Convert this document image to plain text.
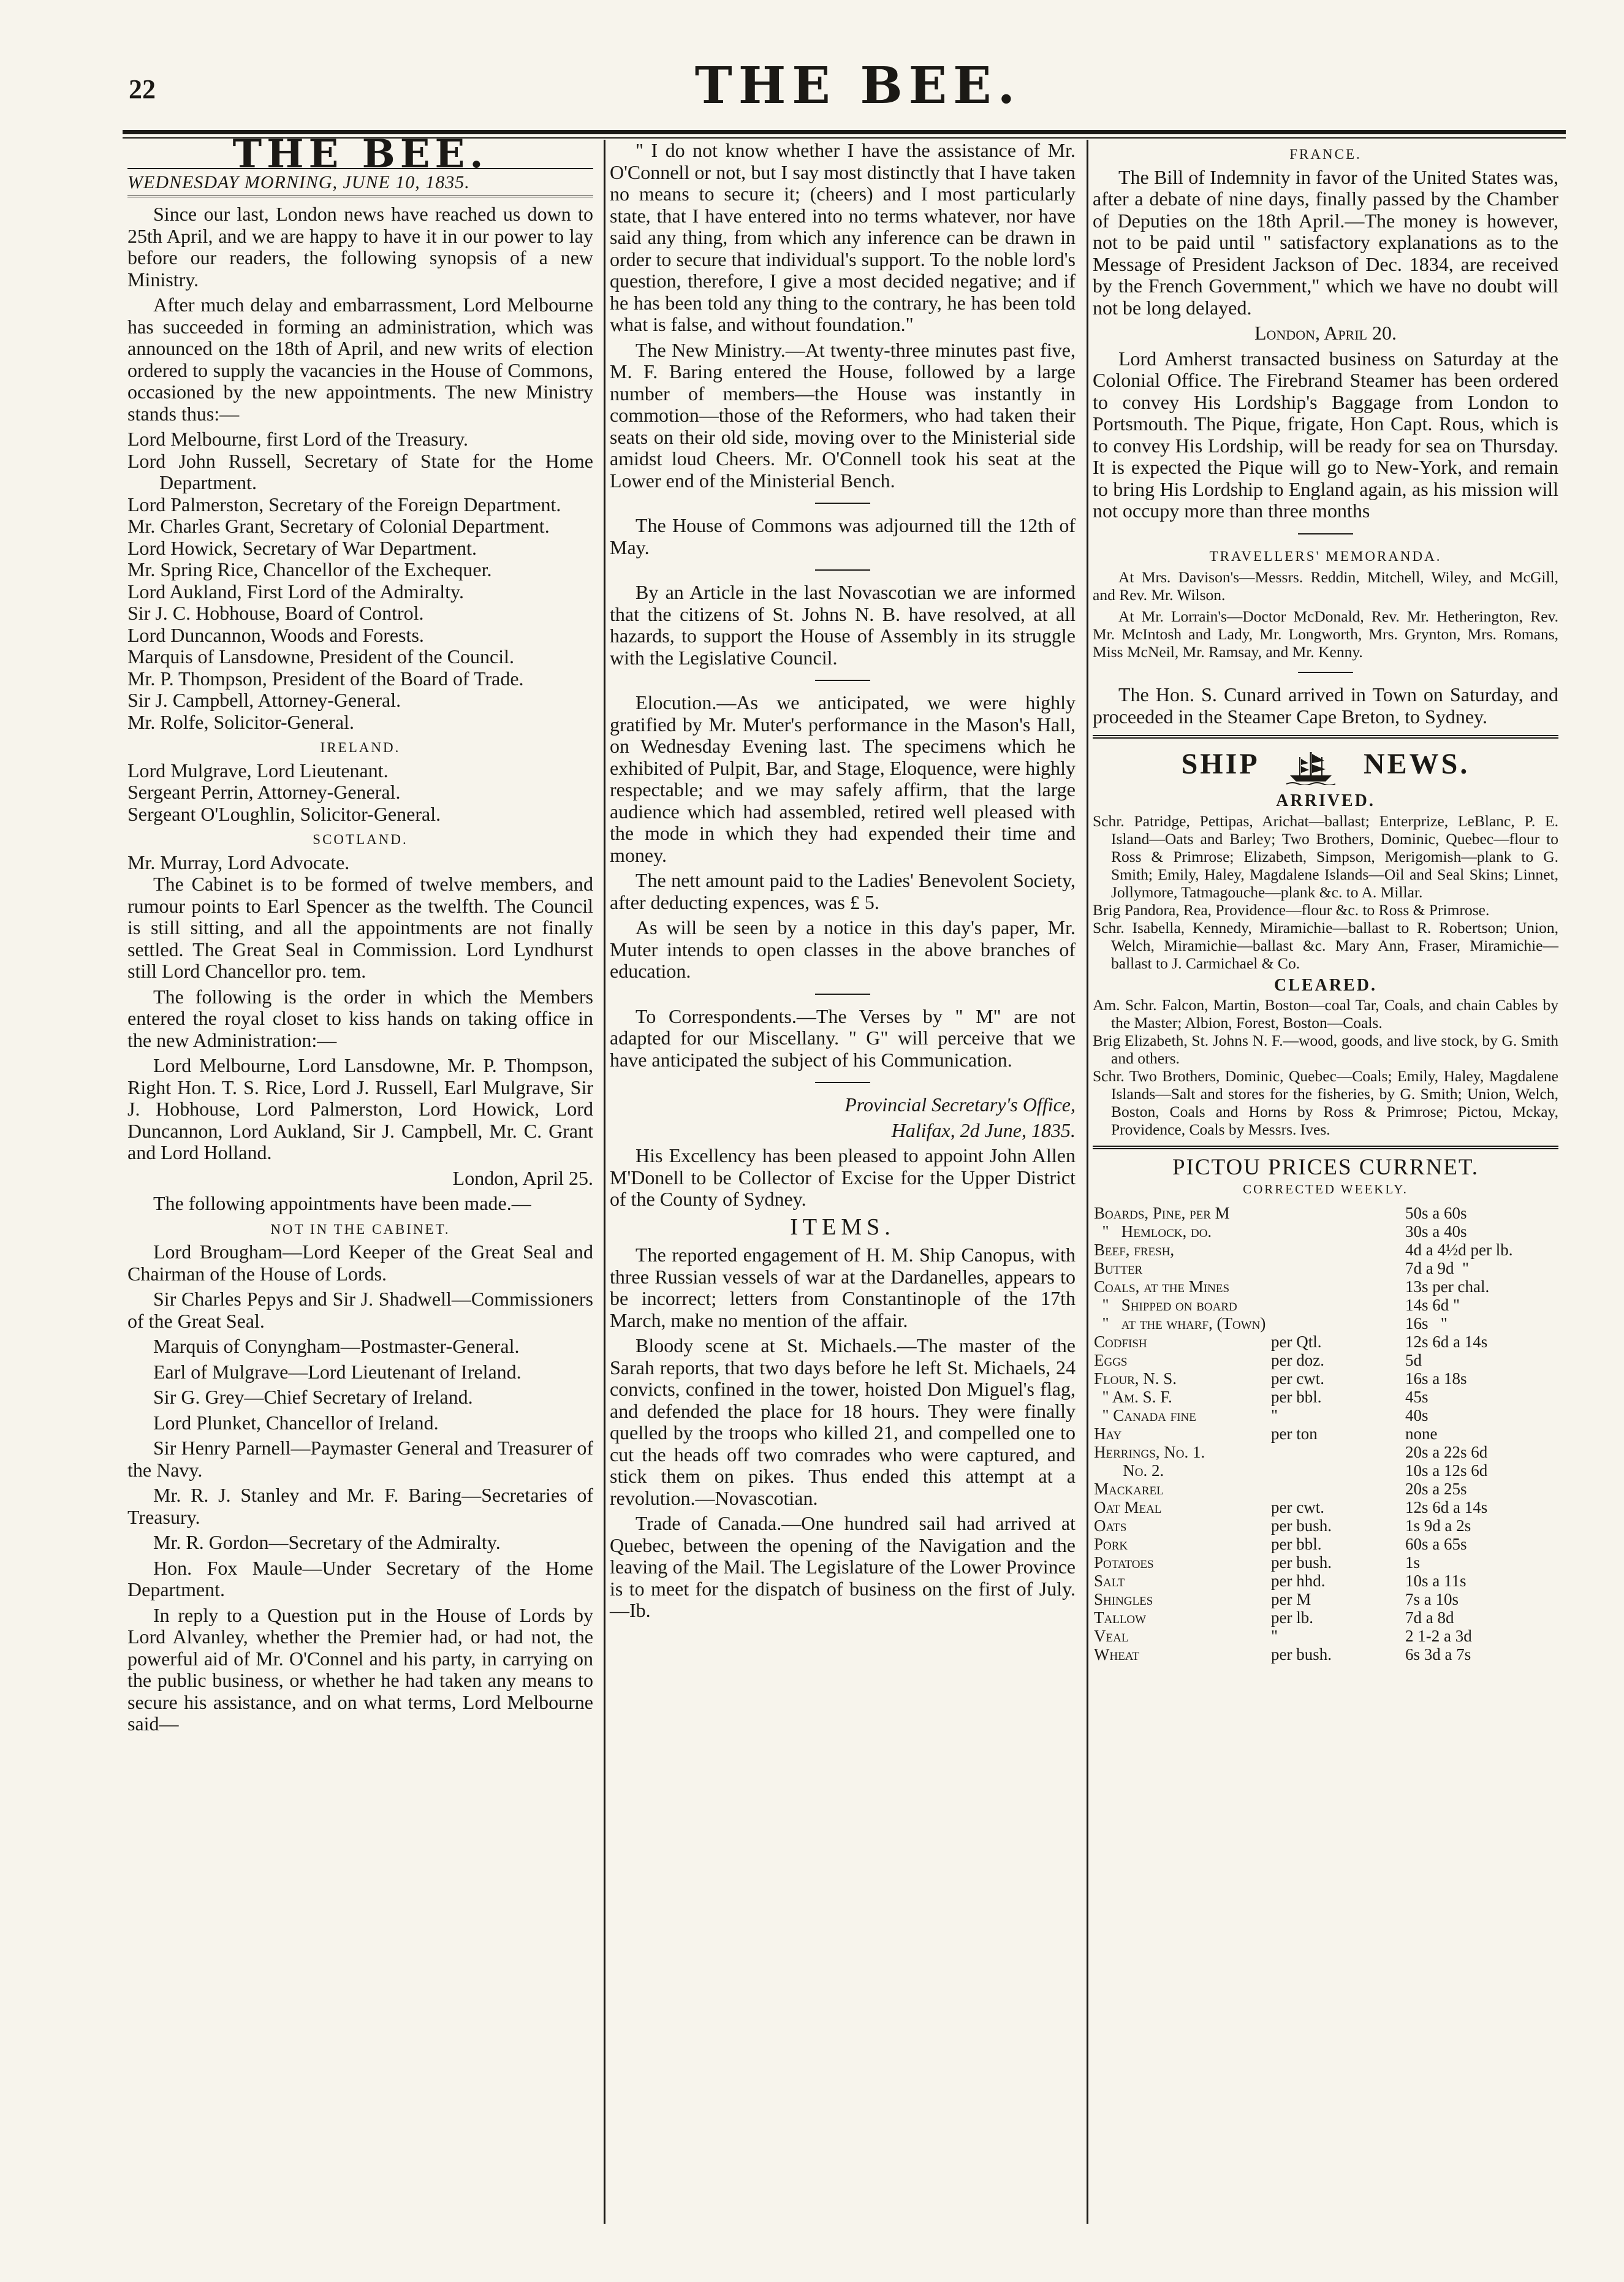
22	THE BEE.
THE BEE.
WEDNESDAY MORNING, JUNE 10, 1835.

Since our last, London news have reached us down to 25th April, and we are happy to have it in our power to lay before our readers, the following synopsis of a new Ministry.

After much delay and embarrassment, Lord Melbourne has succeeded in forming an administration, which was announced on the 18th of April, and new writs of election ordered to supply the vacancies in the House of Commons, occasioned by the new appointments. The new Ministry stands thus:—

Lord Melbourne, first Lord of the Treasury.

Lord John Russell, Secretary of State for the Home Department.

Lord Palmerston, Secretary of the Foreign Department.

Mr. Charles Grant, Secretary of Colonial Department.

Lord Howick, Secretary of War Department.

Mr. Spring Rice, Chancellor of the Exchequer.

Lord Aukland, First Lord of the Admiralty.

Sir J. C. Hobhouse, Board of Control.

Lord Duncannon, Woods and Forests.

Marquis of Lansdowne, President of the Council.

Mr. P. Thompson, President of the Board of Trade.

Sir J. Campbell, Attorney-General.

Mr. Rolfe, Solicitor-General.

IRELAND.

Lord Mulgrave, Lord Lieutenant.

Sergeant Perrin, Attorney-General.

Sergeant O'Loughlin, Solicitor-General.

SCOTLAND.

Mr. Murray, Lord Advocate.

The Cabinet is to be formed of twelve members, and rumour points to Earl Spencer as the twelfth. The Council is still sitting, and all the appointments are not finally settled. The Great Seal in Commission. Lord Lyndhurst still Lord Chancellor pro. tem.

The following is the order in which the Members entered the royal closet to kiss hands on taking office in the new Administration:—

Lord Melbourne, Lord Lansdowne, Mr. P. Thompson, Right Hon. T. S. Rice, Lord J. Russell, Earl Mulgrave, Sir J. Hobhouse, Lord Palmerston, Lord Howick, Lord Duncannon, Lord Aukland, Sir J. Campbell, Mr. C. Grant and Lord Holland.

London, April 25.

The following appointments have been made.—

NOT IN THE CABINET.

Lord Brougham—Lord Keeper of the Great Seal and Chairman of the House of Lords.

Sir Charles Pepys and Sir J. Shadwell—Commissioners of the Great Seal.

Marquis of Conyngham—Postmaster-General.

Earl of Mulgrave—Lord Lieutenant of Ireland.

Sir G. Grey—Chief Secretary of Ireland.

Lord Plunket, Chancellor of Ireland.

Sir Henry Parnell—Paymaster General and Treasurer of the Navy.

Mr. R. J. Stanley and Mr. F. Baring—Secretaries of Treasury.

Mr. R. Gordon—Secretary of the Admiralty.

Hon. Fox Maule—Under Secretary of the Home Department.

In reply to a Question put in the House of Lords by Lord Alvanley, whether the Premier had, or had not, the powerful aid of Mr. O'Connel and his party, in carrying on the public business, or whether he had taken any means to secure his assistance, and on what terms, Lord Melbourne said—

" I do not know whether I have the assistance of Mr. O'Connell or not, but I say most distinctly that I have taken no means to secure it; (cheers) and I most particularly state, that I have entered into no terms whatever, nor have said any thing, from which any inference can be drawn in order to secure that individual's support. To the noble lord's question, therefore, I give a most decided negative; and if he has been told any thing to the contrary, he has been told what is false, and without foundation."

The New Ministry.—At twenty-three minutes past five, M. F. Baring entered the House, followed by a large number of members—the House was instantly in commotion—those of the Reformers, who had taken their seats on their old side, moving over to the Ministerial side amidst loud Cheers. Mr. O'Connell took his seat at the Lower end of the Ministerial Bench.

The House of Commons was adjourned till the 12th of May.

By an Article in the last Novascotian we are informed that the citizens of St. Johns N. B. have resolved, at all hazards, to support the House of Assembly in its struggle with the Legislative Council.

Elocution.—As we anticipated, we were highly gratified by Mr. Muter's performance in the Mason's Hall, on Wednesday Evening last. The specimens which he exhibited of Pulpit, Bar, and Stage, Eloquence, were highly respectable; and we may safely affirm, that the large audience which had assembled, retired well pleased with the mode in which they had expended their time and money.

The nett amount paid to the Ladies' Benevolent Society, after deducting expences, was £ 5.

As will be seen by a notice in this day's paper, Mr. Muter intends to open classes in the above branches of education.

To Correspondents.—The Verses by " M" are not adapted for our Miscellany. " G" will perceive that we have anticipated the subject of his Communication.

Provincial Secretary's Office,

Halifax, 2d June, 1835.

His Excellency has been pleased to appoint John Allen M'Donell to be Collector of Excise for the Upper District of the County of Sydney.

ITEMS.

The reported engagement of H. M. Ship Canopus, with three Russian vessels of war at the Dardanelles, appears to be incorrect; letters from Constantinople of the 17th March, make no mention of the affair.

Bloody scene at St. Michaels.—The master of the Sarah reports, that two days before he left St. Michaels, 24 convicts, confined in the tower, hoisted Don Miguel's flag, and defended the place for 18 hours. They were finally quelled by the troops who killed 21, and compelled one to cut the heads off two comrades who were captured, and stick them on pikes. Thus ended this attempt at a revolution.—Novascotian.

Trade of Canada.—One hundred sail had arrived at Quebec, between the opening of the Navigation and the leaving of the Mail. The Legislature of the Lower Province is to meet for the dispatch of business on the first of July.—Ib.

FRANCE.

The Bill of Indemnity in favor of the United States was, after a debate of nine days, finally passed by the Chamber of Deputies on the 18th April.—The money is however, not to be paid until " satisfactory explanations as to the Message of President Jackson of Dec. 1834, are received by the French Government," which we have no doubt will not be long delayed.

London, April 20.

Lord Amherst transacted business on Saturday at the Colonial Office. The Firebrand Steamer has been ordered to convey His Lordship's Baggage from London to Portsmouth. The Pique, frigate, Hon Capt. Rous, which is to convey His Lordship, will be ready for sea on Thursday. It is expected the Pique will go to New-York, and remain to bring His Lordship to England again, as his mission will not occupy more than three months

TRAVELLERS' MEMORANDA.

At Mrs. Davison's—Messrs. Reddin, Mitchell, Wiley, and McGill, and Rev. Mr. Wilson.

At Mr. Lorrain's—Doctor McDonald, Rev. Mr. Hetherington, Rev. Mr. McIntosh and Lady, Mr. Longworth, Mrs. Grynton, Mrs. Romans, Miss McNeil, Mr. Ramsay, and Mr. Kenny.

The Hon. S. Cunard arrived in Town on Saturday, and proceeded in the Steamer Cape Breton, to Sydney.

SHIP	NEWS.
ARRIVED.

Schr. Patridge, Pettipas, Arichat—ballast; Enterprize, LeBlanc, P. E. Island—Oats and Barley; Two Brothers, Dominic, Quebec—flour to Ross & Primrose; Elizabeth, Simpson, Merigomish—plank to G. Smith; Emily, Haley, Magdalene Islands—Oil and Seal Skins; Linnet, Jollymore, Tatmagouche—plank &c. to A. Millar.

Brig Pandora, Rea, Providence—flour &c. to Ross & Primrose.

Schr. Isabella, Kennedy, Miramichie—ballast to R. Robertson; Union, Welch, Miramichie—ballast &c. Mary Ann, Fraser, Miramichie—ballast to J. Carmichael & Co.

CLEARED.

Am. Schr. Falcon, Martin, Boston—coal Tar, Coals, and chain Cables by the Master; Albion, Forest, Boston—Coals.

Brig Elizabeth, St. Johns N. F.—wood, goods, and live stock, by G. Smith and others.

Schr. Two Brothers, Dominic, Quebec—Coals; Emily, Haley, Magdalene Islands—Salt and stores for the fisheries, by G. Smith; Union, Welch, Boston, Coals and Horns by Ross & Primrose; Pictou, Mckay, Providence, Coals by Messrs. Ives.

PICTOU PRICES CURRNET.
CORRECTED WEEKLY.
Boards, Pine, per M		50s a 60s
"   Hemlock, do.		30s a 40s
Beef, fresh,		4d a 4½d per lb.
Butter		7d a 9d  "
Coals, at the Mines		13s per chal.
"   Shipped on board		14s 6d "
"   at the wharf, (Town)		16s   "
Codfish	per Qtl.	12s 6d a 14s
Eggs	per doz.	5d
Flour, N. S.	per cwt.	16s a 18s
" Am. S. F.	per bbl.	45s
" Canada fine	"	40s
Hay	per ton	none
Herrings, No. 1.		20s a 22s 6d
No. 2.		10s a 12s 6d
Mackarel		20s a 25s
Oat Meal	per cwt.	12s 6d a 14s
Oats	per bush.	1s 9d a 2s
Pork	per bbl.	60s a 65s
Potatoes	per bush.	1s
Salt	per hhd.	10s a 11s
Shingles	per M	7s a 10s
Tallow	per lb.	7d a 8d
Veal	"	2 1-2 a 3d
Wheat	per bush.	6s 3d a 7s
